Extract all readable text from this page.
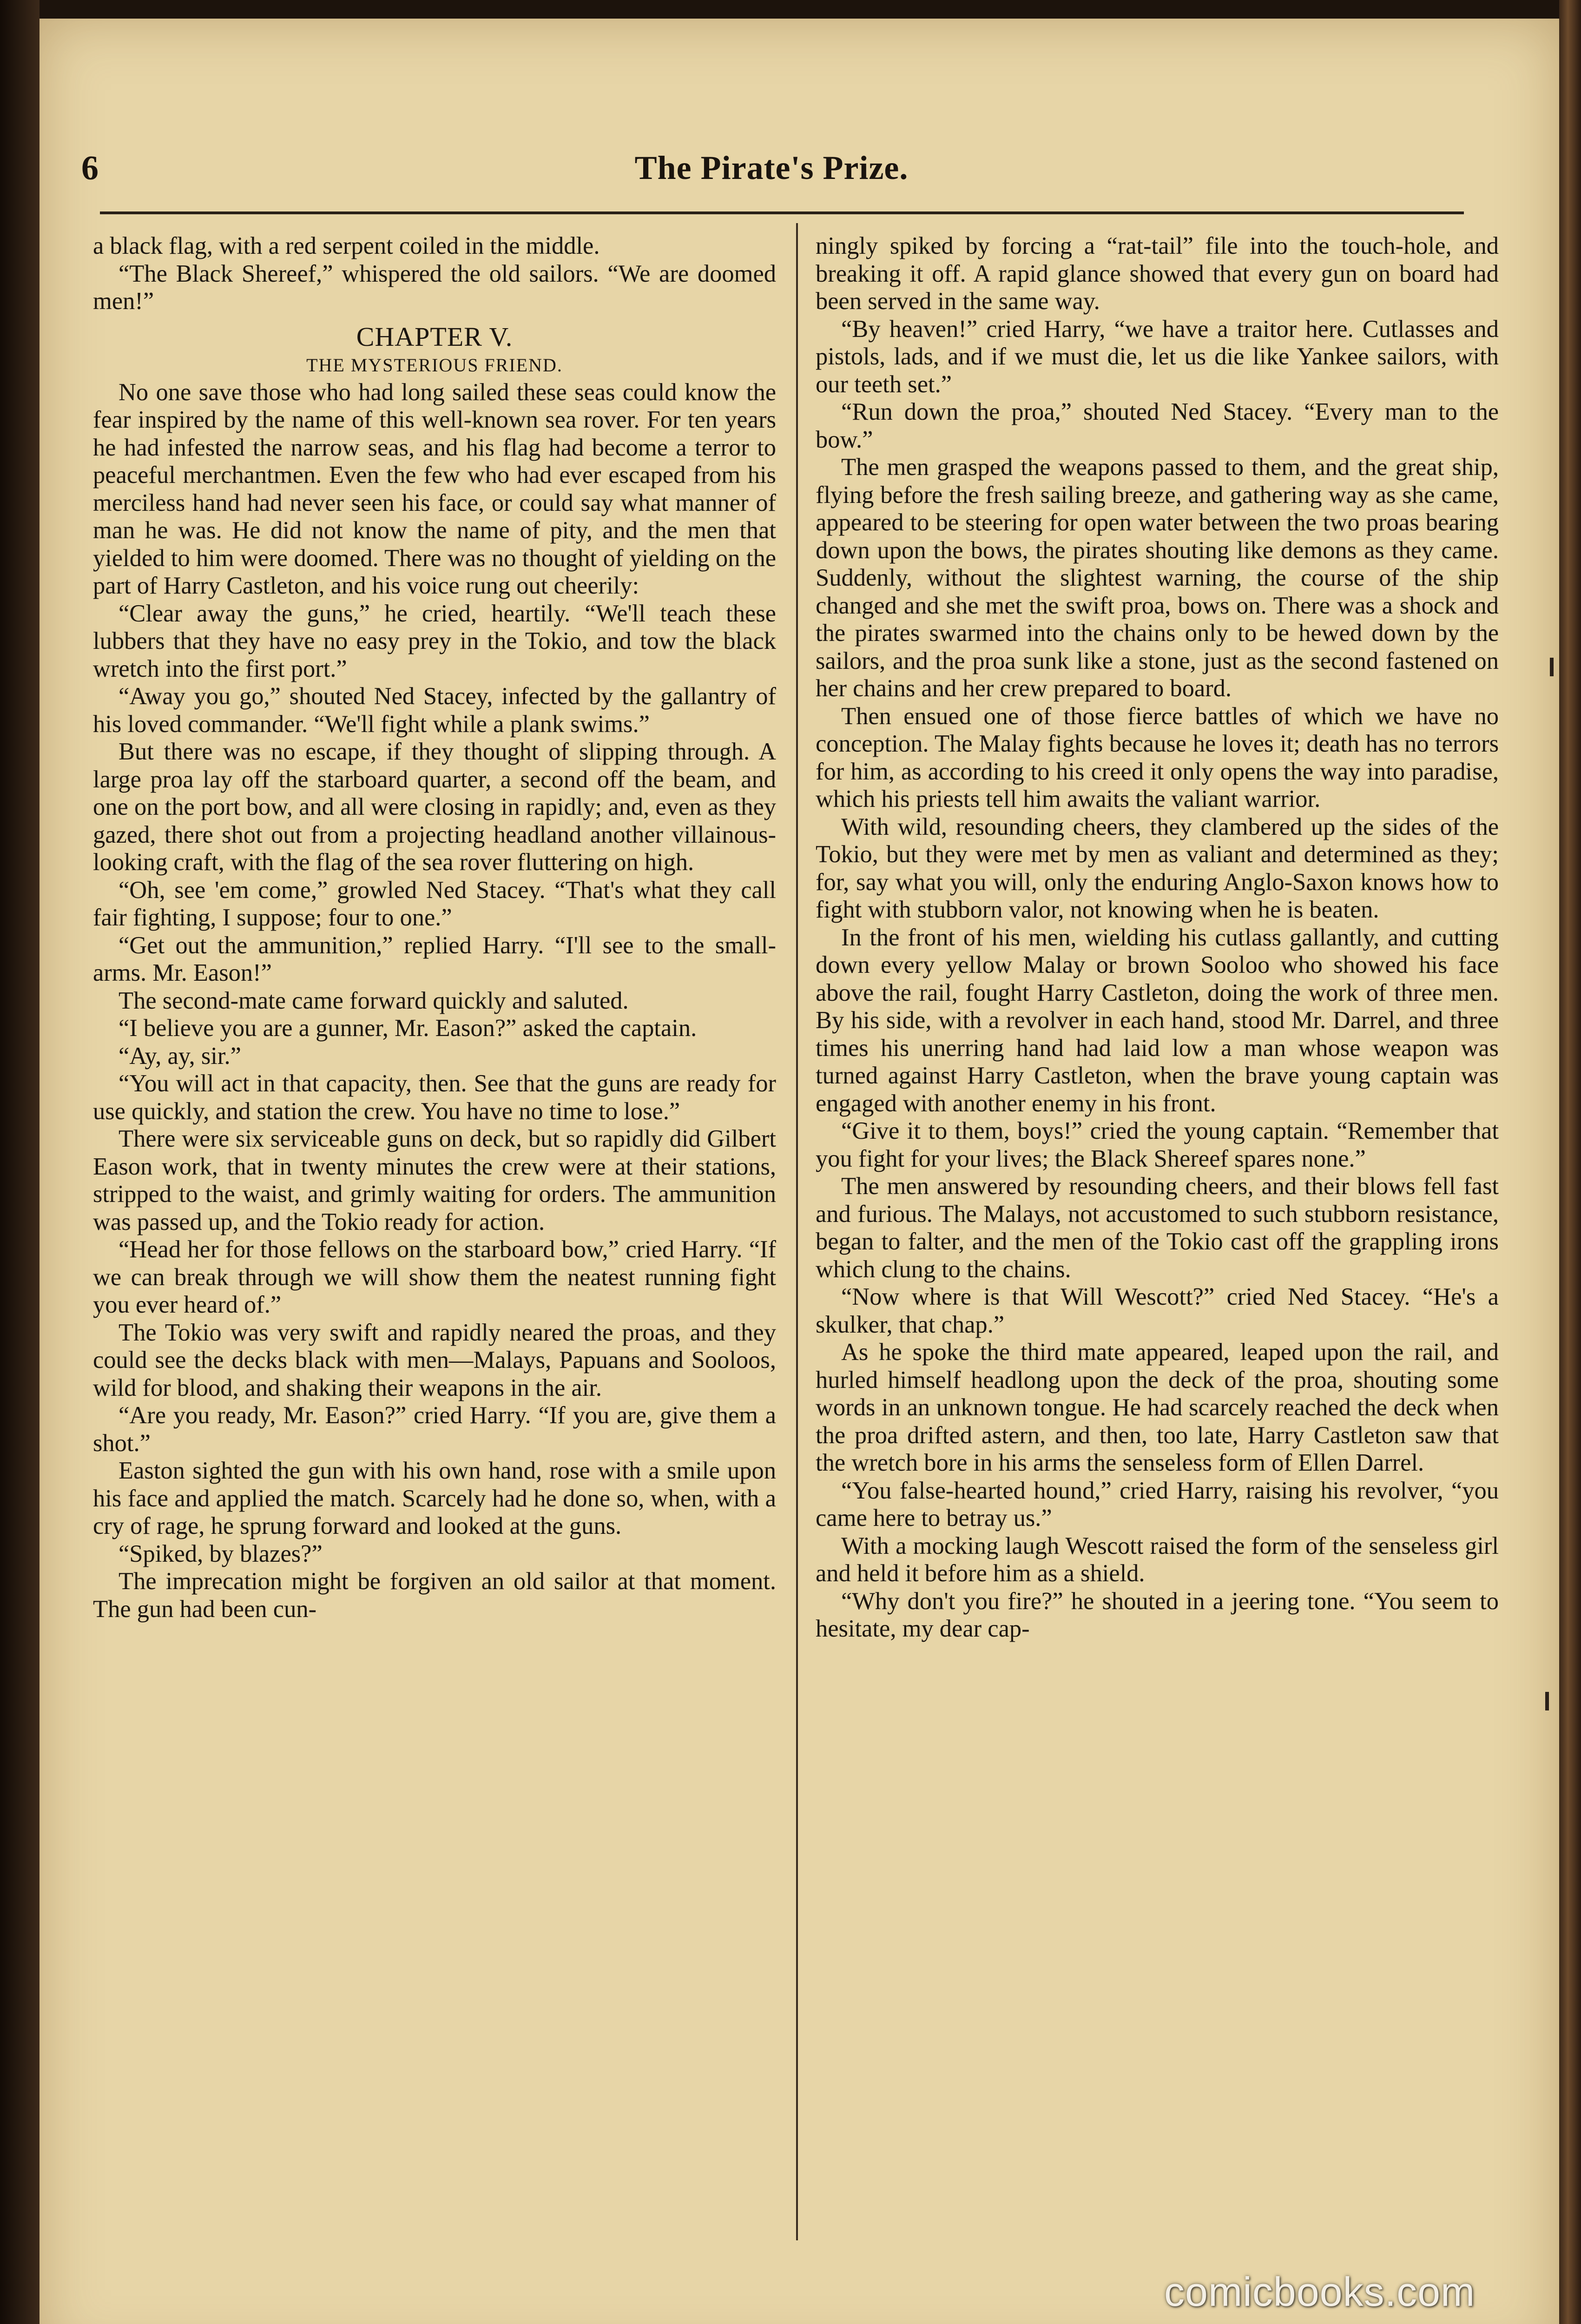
6	The Pirate's Prize.

a black flag, with a red serpent coiled in the middle.

“The Black Shereef,” whispered the old sailors. “We are doomed men!”

CHAPTER V.
THE MYSTERIOUS FRIEND.

No one save those who had long sailed these seas could know the fear inspired by the name of this well-known sea rover. For ten years he had infested the narrow seas, and his flag had become a terror to peaceful merchantmen. Even the few who had ever escaped from his merciless hand had never seen his face, or could say what manner of man he was. He did not know the name of pity, and the men that yielded to him were doomed. There was no thought of yielding on the part of Harry Castleton, and his voice rung out cheerily:

“Clear away the guns,” he cried, heartily. “We'll teach these lubbers that they have no easy prey in the Tokio, and tow the black wretch into the first port.”

“Away you go,” shouted Ned Stacey, infected by the gallantry of his loved commander. “We'll fight while a plank swims.”

But there was no escape, if they thought of slipping through. A large proa lay off the starboard quarter, a second off the beam, and one on the port bow, and all were closing in rapidly; and, even as they gazed, there shot out from a projecting headland another villainous-looking craft, with the flag of the sea rover fluttering on high.

“Oh, see 'em come,” growled Ned Stacey. “That's what they call fair fighting, I suppose; four to one.”

“Get out the ammunition,” replied Harry. “I'll see to the small-arms. Mr. Eason!”

The second-mate came forward quickly and saluted.

“I believe you are a gunner, Mr. Eason?” asked the captain.

“Ay, ay, sir.”

“You will act in that capacity, then. See that the guns are ready for use quickly, and station the crew. You have no time to lose.”

There were six serviceable guns on deck, but so rapidly did Gilbert Eason work, that in twenty minutes the crew were at their stations, stripped to the waist, and grimly waiting for orders. The ammunition was passed up, and the Tokio ready for action.

“Head her for those fellows on the starboard bow,” cried Harry. “If we can break through we will show them the neatest running fight you ever heard of.”

The Tokio was very swift and rapidly neared the proas, and they could see the decks black with men—Malays, Papuans and Sooloos, wild for blood, and shaking their weapons in the air.

“Are you ready, Mr. Eason?” cried Harry. “If you are, give them a shot.”

Easton sighted the gun with his own hand, rose with a smile upon his face and applied the match. Scarcely had he done so, when, with a cry of rage, he sprung forward and looked at the guns.

“Spiked, by blazes?”

The imprecation might be forgiven an old sailor at that moment. The gun had been cun-

ningly spiked by forcing a “rat-tail” file into the touch-hole, and breaking it off. A rapid glance showed that every gun on board had been served in the same way.

“By heaven!” cried Harry, “we have a traitor here. Cutlasses and pistols, lads, and if we must die, let us die like Yankee sailors, with our teeth set.”

“Run down the proa,” shouted Ned Stacey. “Every man to the bow.”

The men grasped the weapons passed to them, and the great ship, flying before the fresh sailing breeze, and gathering way as she came, appeared to be steering for open water between the two proas bearing down upon the bows, the pirates shouting like demons as they came. Suddenly, without the slightest warning, the course of the ship changed and she met the swift proa, bows on. There was a shock and the pirates swarmed into the chains only to be hewed down by the sailors, and the proa sunk like a stone, just as the second fastened on her chains and her crew prepared to board.

Then ensued one of those fierce battles of which we have no conception. The Malay fights because he loves it; death has no terrors for him, as according to his creed it only opens the way into paradise, which his priests tell him awaits the valiant warrior.

With wild, resounding cheers, they clambered up the sides of the Tokio, but they were met by men as valiant and determined as they; for, say what you will, only the enduring Anglo-Saxon knows how to fight with stubborn valor, not knowing when he is beaten.

In the front of his men, wielding his cutlass gallantly, and cutting down every yellow Malay or brown Sooloo who showed his face above the rail, fought Harry Castleton, doing the work of three men. By his side, with a revolver in each hand, stood Mr. Darrel, and three times his unerring hand had laid low a man whose weapon was turned against Harry Castleton, when the brave young captain was engaged with another enemy in his front.

“Give it to them, boys!” cried the young captain. “Remember that you fight for your lives; the Black Shereef spares none.”

The men answered by resounding cheers, and their blows fell fast and furious. The Malays, not accustomed to such stubborn resistance, began to falter, and the men of the Tokio cast off the grappling irons which clung to the chains.

“Now where is that Will Wescott?” cried Ned Stacey. “He's a skulker, that chap.”

As he spoke the third mate appeared, leaped upon the rail, and hurled himself headlong upon the deck of the proa, shouting some words in an unknown tongue. He had scarcely reached the deck when the proa drifted astern, and then, too late, Harry Castleton saw that the wretch bore in his arms the senseless form of Ellen Darrel.

“You false-hearted hound,” cried Harry, raising his revolver, “you came here to betray us.”

With a mocking laugh Wescott raised the form of the senseless girl and held it before him as a shield.

“Why don't you fire?” he shouted in a jeering tone. “You seem to hesitate, my dear cap-

comicbooks.com
